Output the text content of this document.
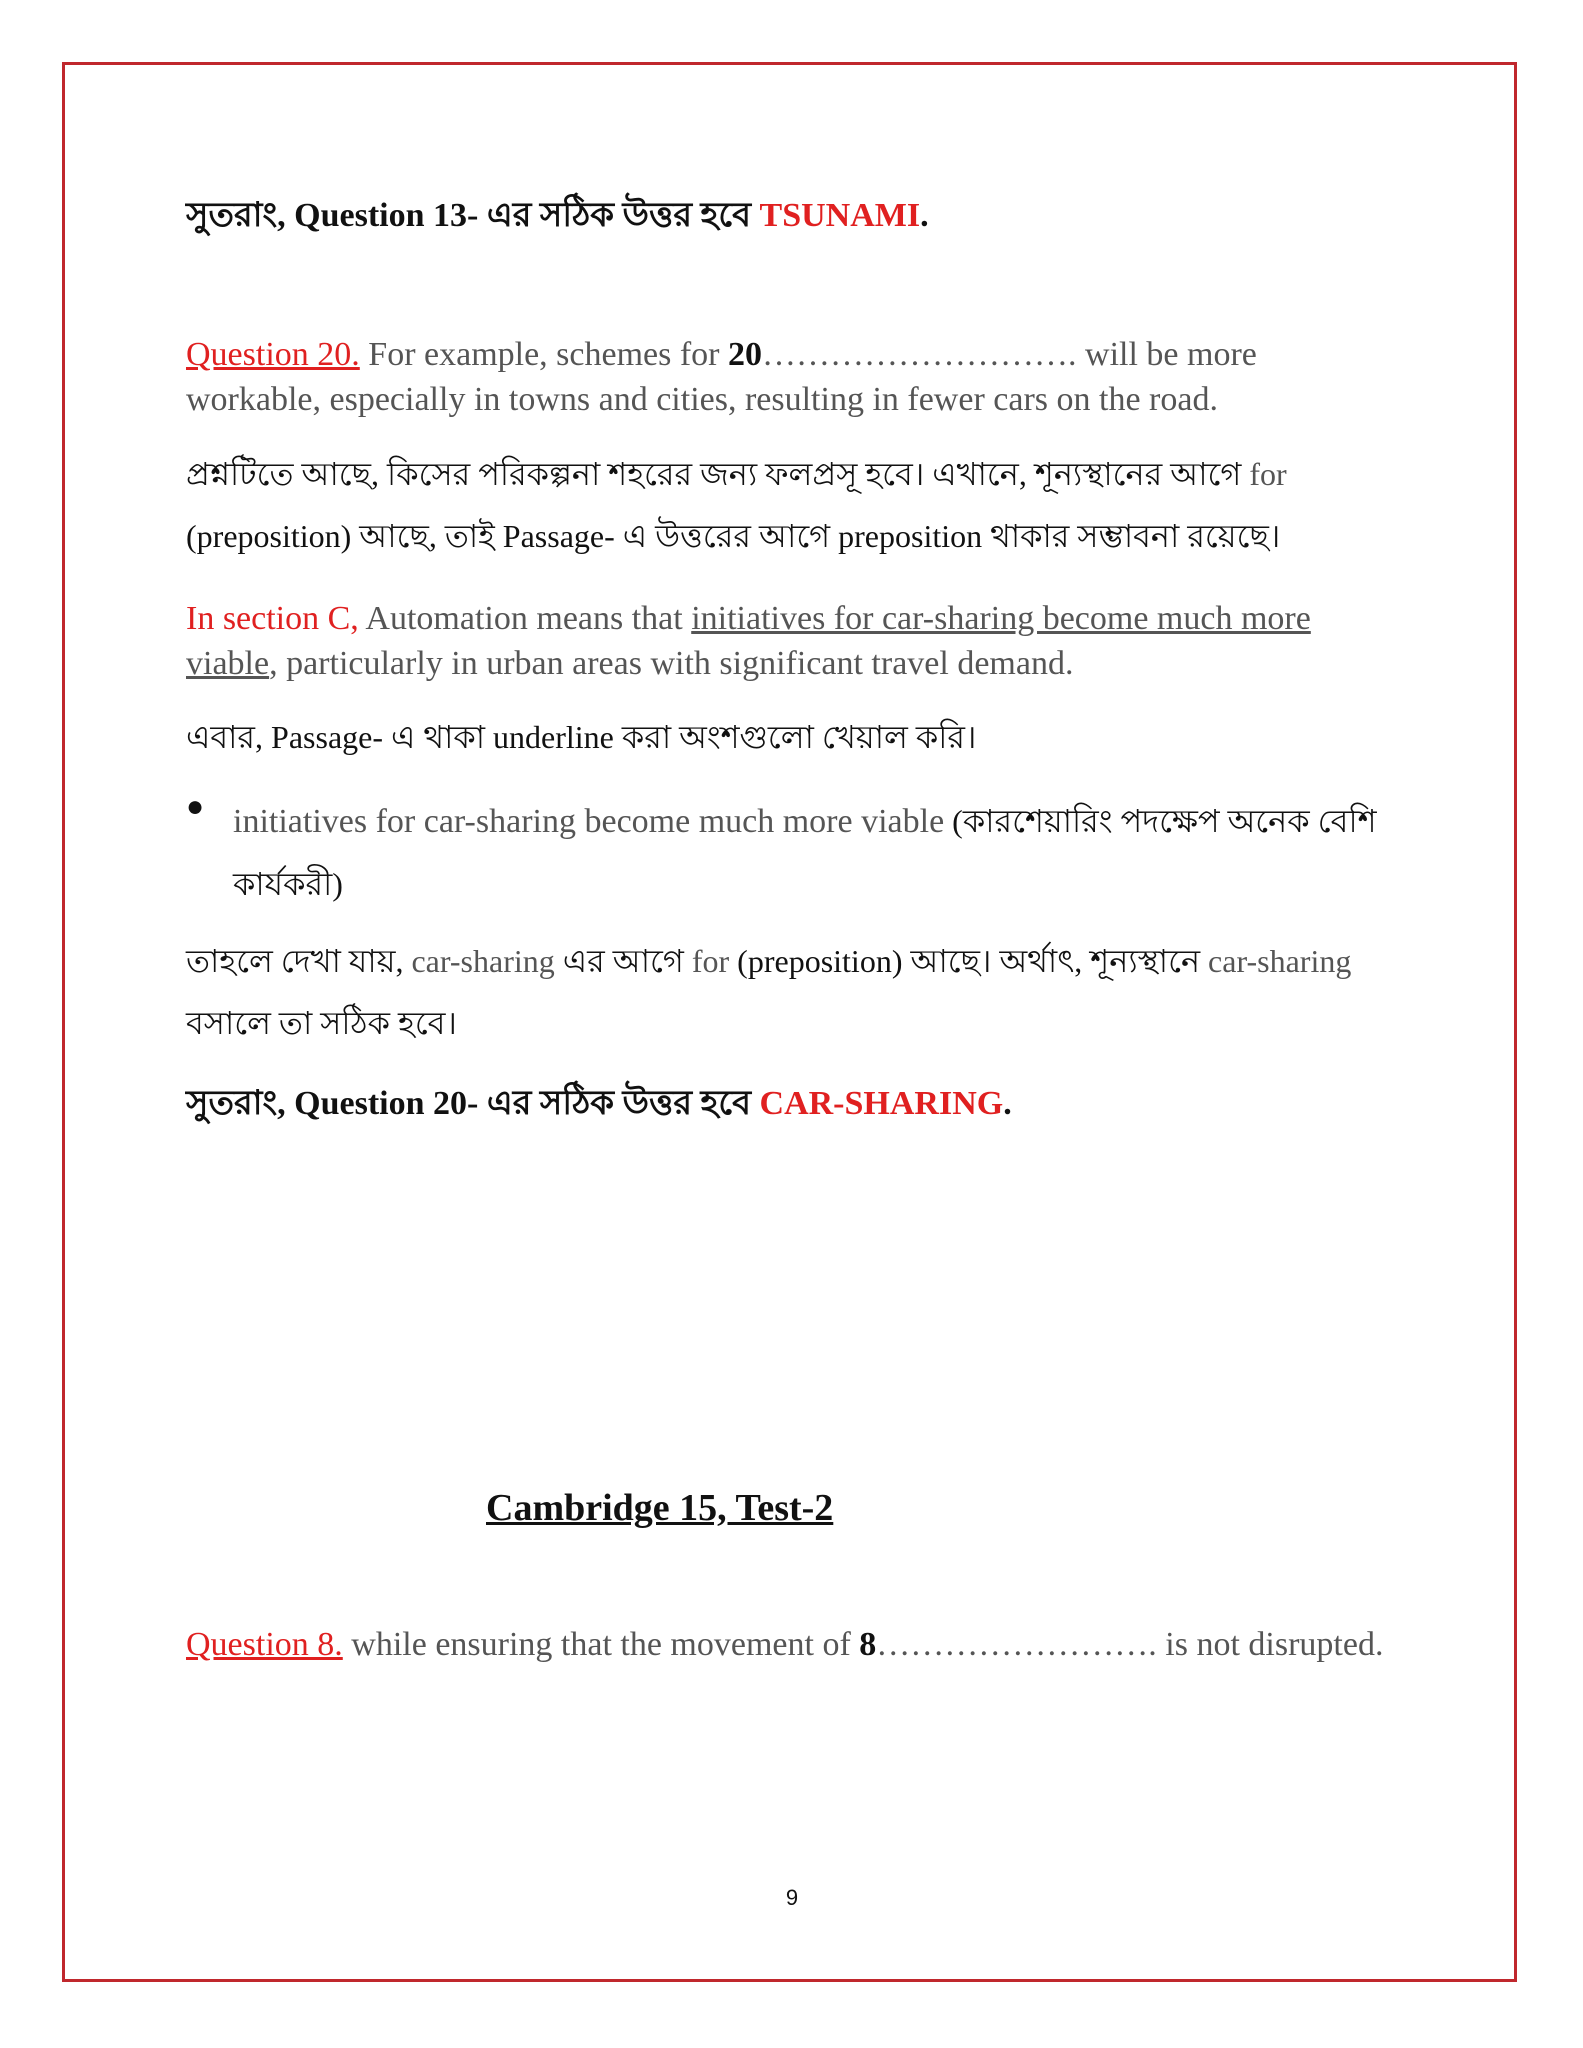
সুতরাং, Question 13- এর সঠিক উত্তর হবে TSUNAMI.

Question 20. For example, schemes for 20………………………. will be more workable, especially in towns and cities, resulting in fewer cars on the road.

প্রশ্নটিতে আছে, কিসের পরিকল্পনা শহরের জন্য ফলপ্রসূ হবে। এখানে, শূন্যস্থানের আগে for
(preposition) আছে, তাই Passage- এ উত্তরের আগে preposition থাকার সম্ভাবনা রয়েছে।

In section C, Automation means that initiatives for car-sharing become much more viable, particularly in urban areas with significant travel demand.

এবার, Passage- এ থাকা underline করা অংশগুলো খেয়াল করি।

● initiatives for car-sharing become much more viable (কারশেয়ারিং পদক্ষেপ অনেক বেশি কার্যকরী)

তাহলে দেখা যায়, car-sharing এর আগে for (preposition) আছে। অর্থাৎ, শূন্যস্থানে car-sharing বসালে তা সঠিক হবে।

সুতরাং, Question 20- এর সঠিক উত্তর হবে CAR-SHARING.

Cambridge 15, Test-2

Question 8. while ensuring that the movement of 8……………………. is not disrupted.

9
